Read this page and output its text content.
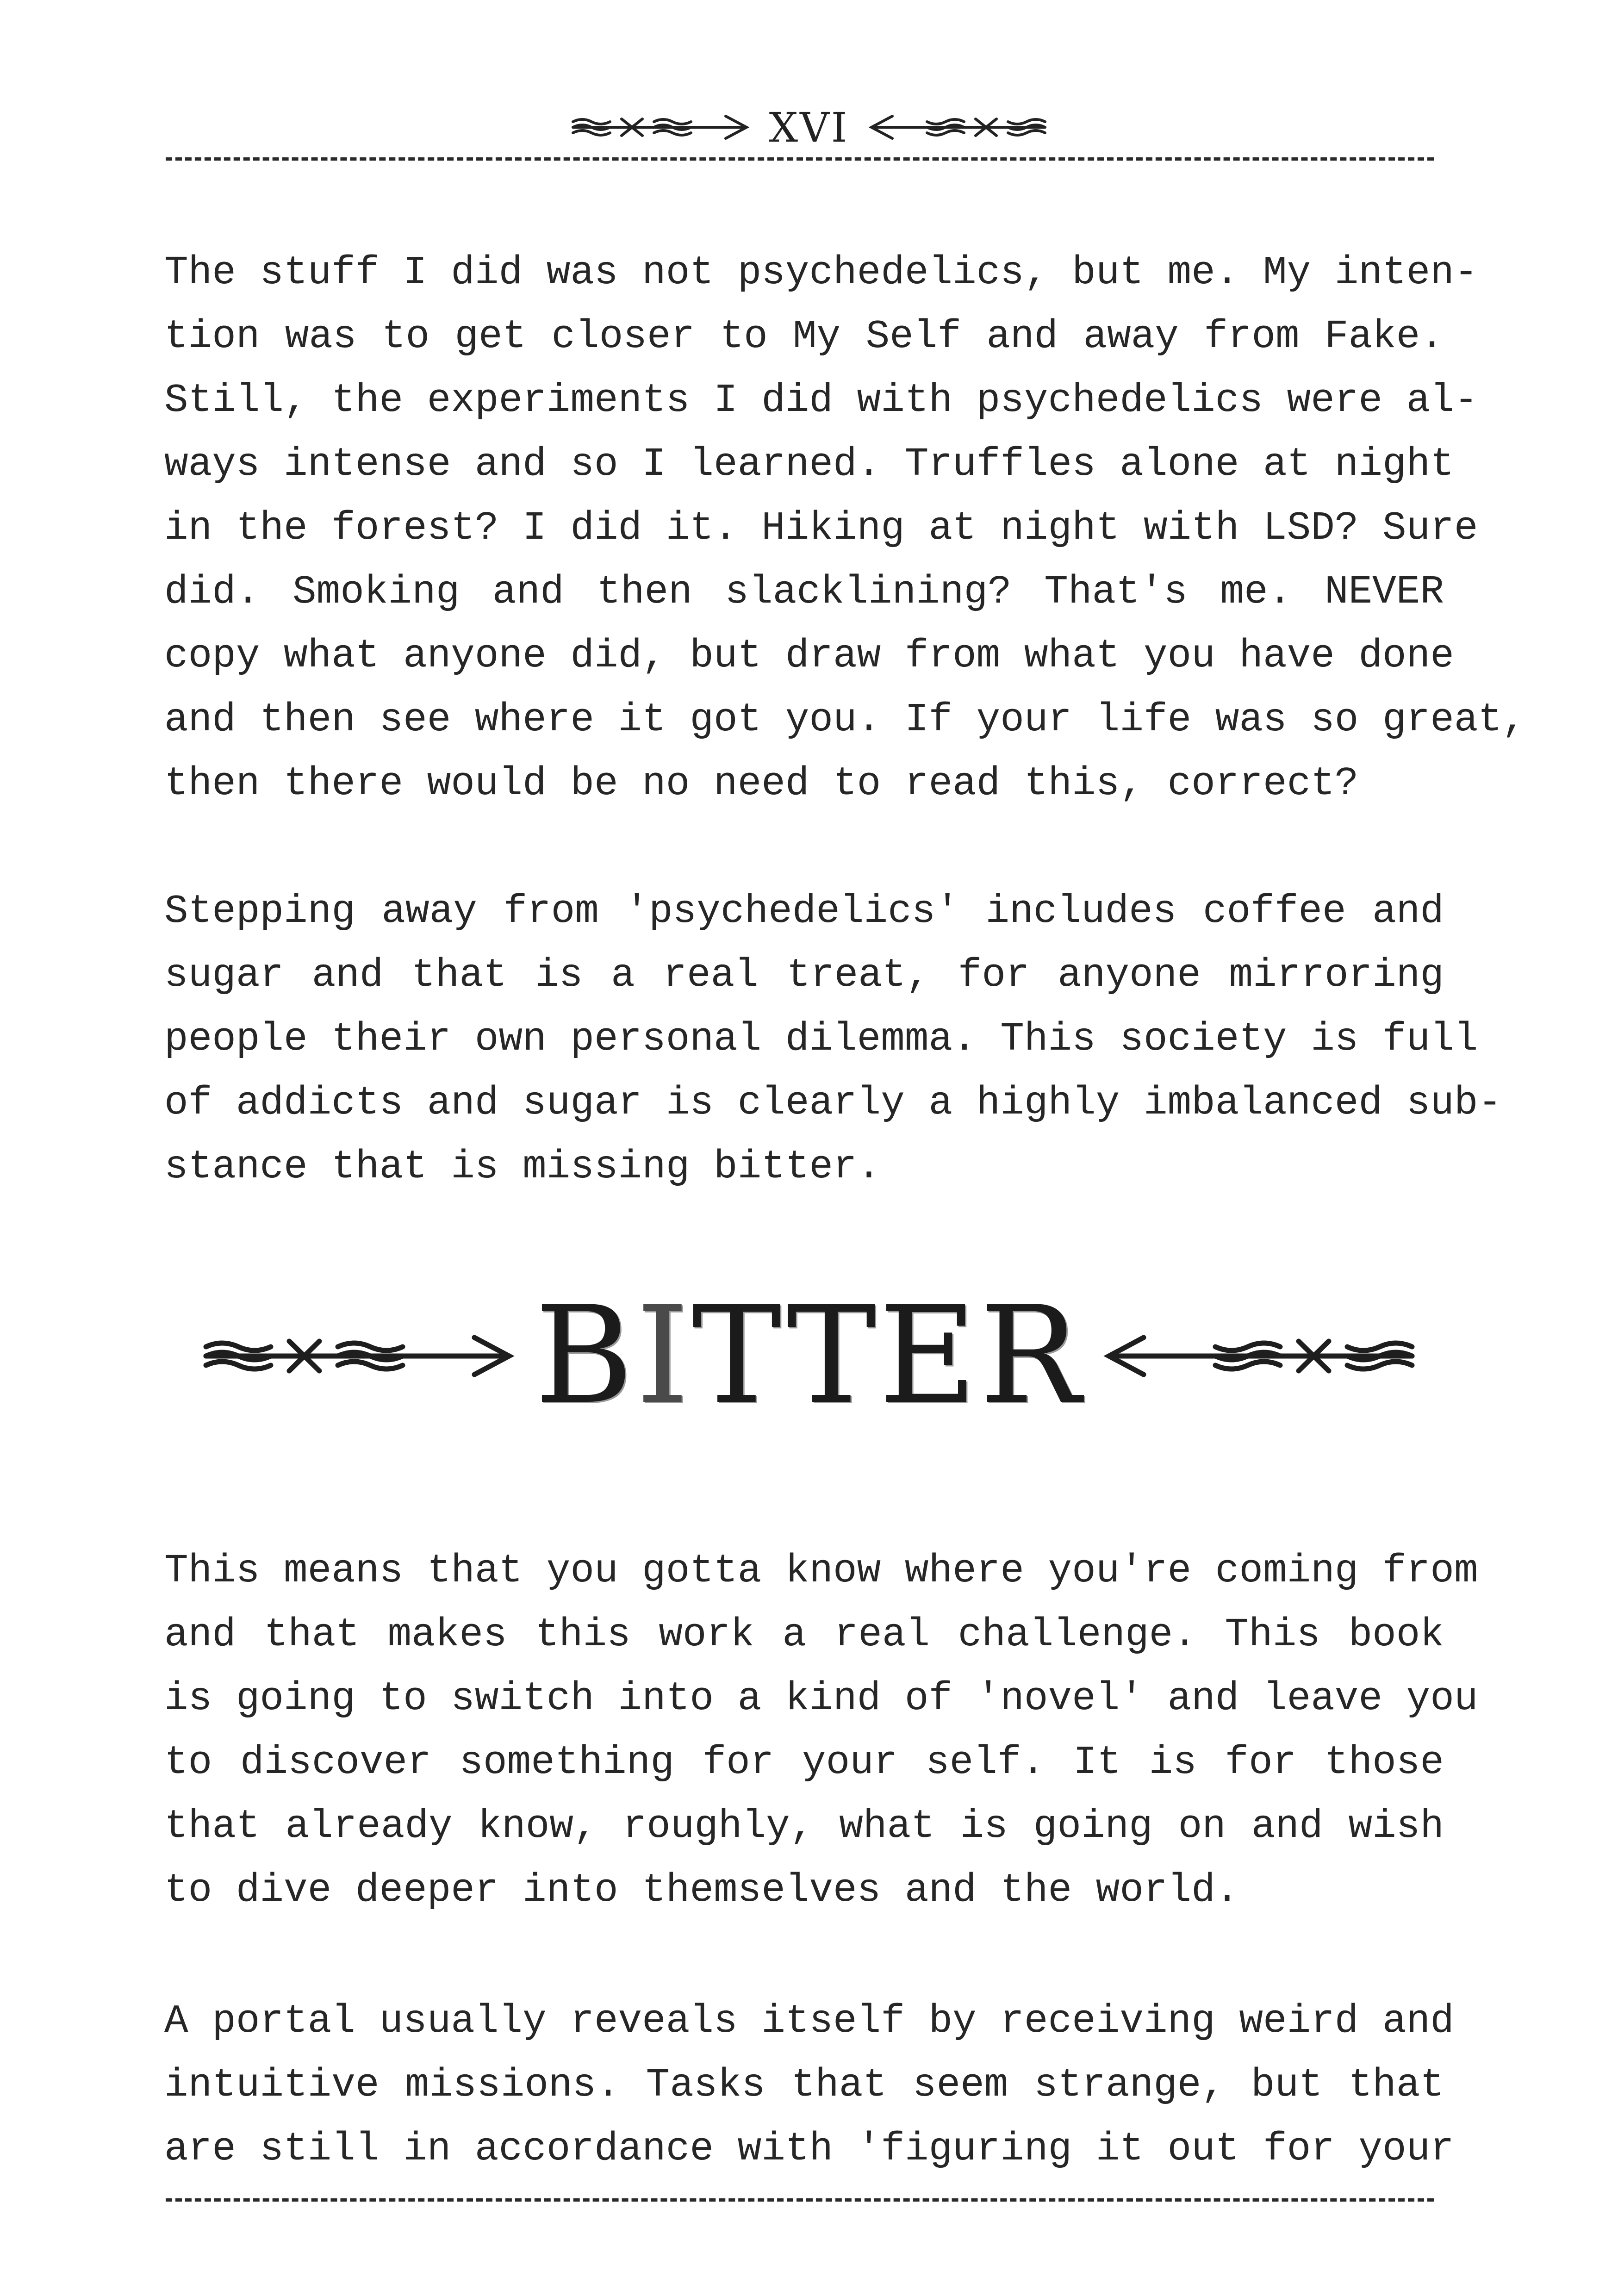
XVI
The stuff I did was not psychedelics, but me. My inten-
tion was to get closer to My Self and away from Fake.
Still, the experiments I did with psychedelics were al-
ways intense and so I learned. Truffles alone at night
in the forest? I did it. Hiking at night with LSD? Sure
did. Smoking and then slacklining? That's me. NEVER
copy what anyone did, but draw from what you have done
and then see where it got you. If your life was so great,
then there would be no need to read this, correct?
Stepping away from 'psychedelics' includes coffee and
sugar and that is a real treat, for anyone mirroring
people their own personal dilemma. This society is full
of addicts and sugar is clearly a highly imbalanced sub-
stance that is missing bitter.
BITTER
This means that you gotta know where you're coming from
and that makes this work a real challenge. This book
is going to switch into a kind of 'novel' and leave you
to discover something for your self. It is for those
that already know, roughly, what is going on and wish
to dive deeper into themselves and the world.
A portal usually reveals itself by receiving weird and
intuitive missions. Tasks that seem strange, but that
are still in accordance with 'figuring it out for your
